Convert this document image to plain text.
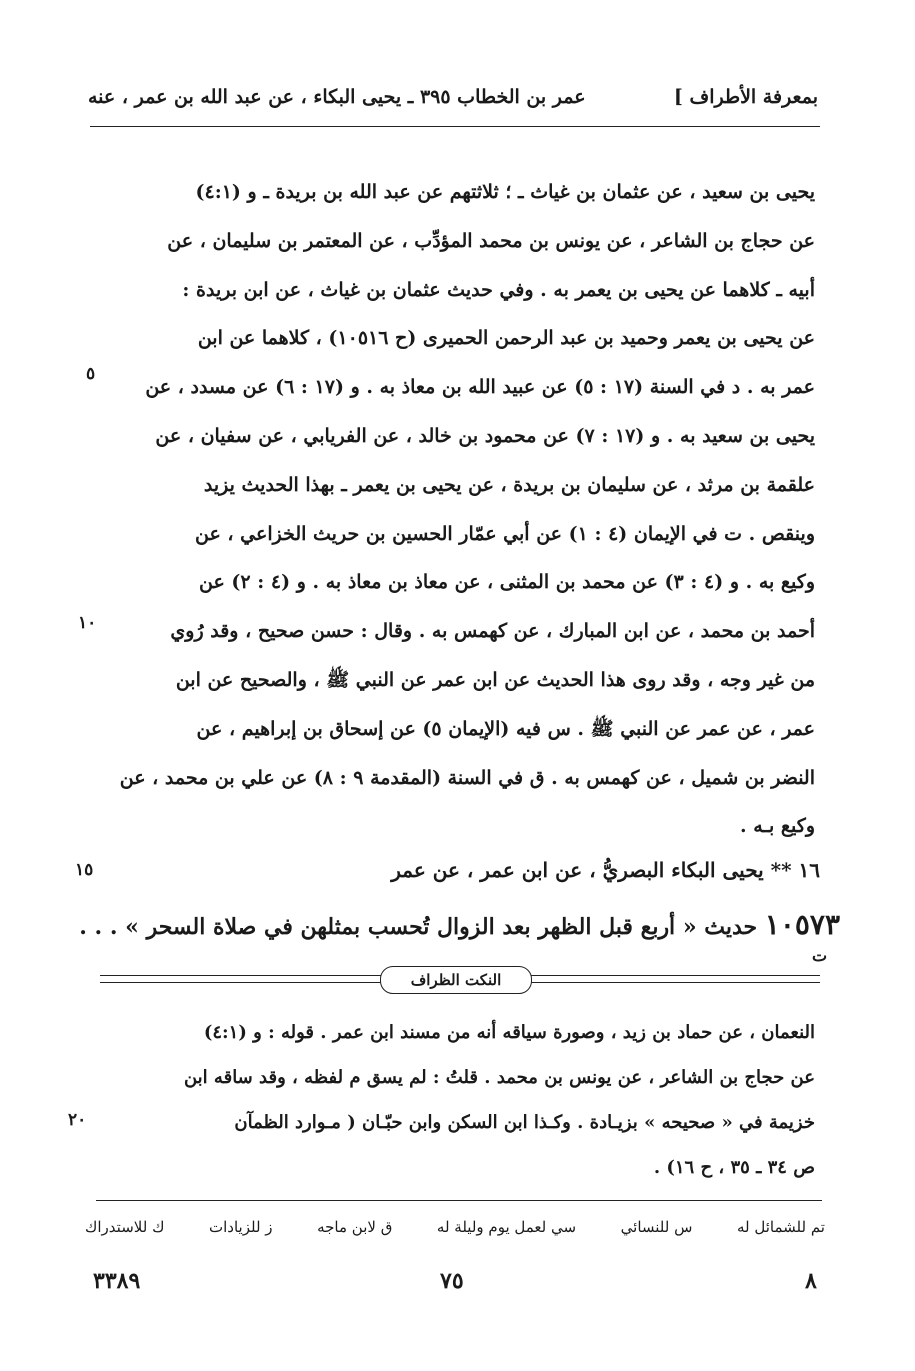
بمعرفة الأطراف ]
عمر بن الخطاب ٣٩٥ ـ يحيى البكاء ، عن عبد الله بن عمر ، عنه
يحيى بن سعيد ، عن عثمان بن غياث ـ ؛ ثلاثتهم عن عبد الله بن بريدة ـ و (٤:١)
عن حجاج بن الشاعر ، عن يونس بن محمد المؤدِّب ، عن المعتمر بن سليمان ، عن
أبيه ـ كلاهما عن يحيى بن يعمر به . وفي حديث عثمان بن غياث ، عن ابن بريدة :
عن يحيى بن يعمر وحميد بن عبد الرحمن الحميرى (ح ١٠٥١٦) ، كلاهما عن ابن
عمر به . د في السنة (١٧ : ٥) عن عبيد الله بن معاذ به . و (١٧ : ٦) عن مسدد ، عن
يحيى بن سعيد به . و (١٧ : ٧) عن محمود بن خالد ، عن الفريابي ، عن سفيان ، عن
علقمة بن مرثد ، عن سليمان بن بريدة ، عن يحيى بن يعمر ـ بهذا الحديث يزيد
وينقص . ت في الإيمان (٤ : ١) عن أبي عمّار الحسين بن حريث الخزاعي ، عن
وكيع به . و (٤ : ٣) عن محمد بن المثنى ، عن معاذ بن معاذ به . و (٤ : ٢) عن
أحمد بن محمد ، عن ابن المبارك ، عن كهمس به . وقال : حسن صحيح ، وقد رُوي
من غير وجه ، وقد روى هذا الحديث عن ابن عمر عن النبي ﷺ ، والصحيح عن ابن
عمر ، عن عمر عن النبي ﷺ . س فيه (الإيمان ٥) عن إسحاق بن إبراهيم ، عن
النضر بن شميل ، عن كهمس به . ق في السنة (المقدمة ٩ : ٨) عن علي بن محمد ، عن
وكيع بـه .
٥
١٠
١٥
٢٠
١٦ ** يحيى البكاء البصريُّ ، عن ابن عمر ، عن عمر
١٠٥٧٣ حديث « أربع قبل الظهر بعد الزوال تُحسب بمثلهن في صلاة السحر » . . .
ت
النكت الظراف
النعمان ، عن حماد بن زيد ، وصورة سياقه أنه من مسند ابن عمر . قوله : و (٤:١)
عن حجاج بن الشاعر ، عن يونس بن محمد . قلتُ : لم يسق م لفظه ، وقد ساقه ابن
خزيمة في « صحيحه » بزيـادة . وكـذا ابن السكن وابن حبّـان ( مـوارد الظمآن
ص ٣٤ ـ ٣٥ ، ح ١٦) .
تم للشمائل له
س للنسائي
سي لعمل يوم وليلة له
ق لابن ماجه
ز للزيادات
ك للاستدراك
٣٣٨٩	٧٥	٨
